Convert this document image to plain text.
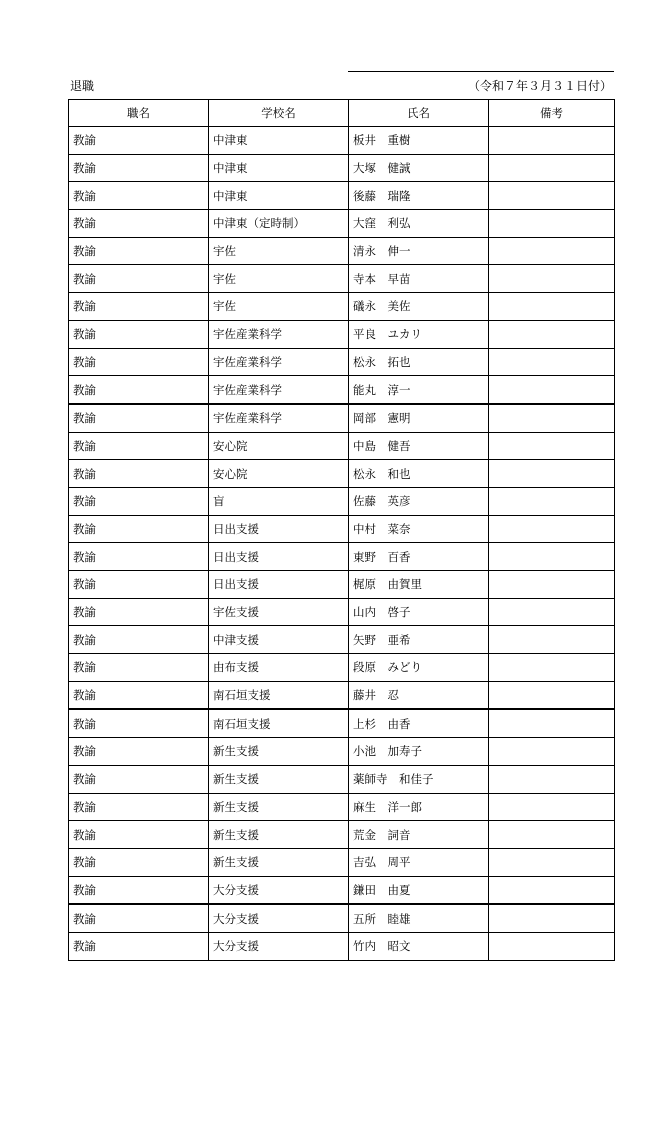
退職	（令和７年３月３１日付）
職名	学校名	氏名	備考
教諭	中津東	板井　重樹	
教諭	中津東	大塚　健誠	
教諭	中津東	後藤　瑞隆	
教諭	中津東（定時制）	大窪　利弘	
教諭	宇佐	清永　伸一	
教諭	宇佐	寺本　早苗	
教諭	宇佐	礒永　美佐	
教諭	宇佐産業科学	平良　ユカリ	
教諭	宇佐産業科学	松永　拓也	
教諭	宇佐産業科学	能丸　淳一	
教諭	宇佐産業科学	岡部　憲明	
教諭	安心院	中島　健吾	
教諭	安心院	松永　和也	
教諭	盲	佐藤　英彦	
教諭	日出支援	中村　菜奈	
教諭	日出支援	東野　百香	
教諭	日出支援	梶原　由賀里	
教諭	宇佐支援	山内　啓子	
教諭	中津支援	矢野　亜希	
教諭	由布支援	段原　みどり	
教諭	南石垣支援	藤井　忍	
教諭	南石垣支援	上杉　由香	
教諭	新生支援	小池　加寿子	
教諭	新生支援	薬師寺　和佳子	
教諭	新生支援	麻生　洋一郎	
教諭	新生支援	荒金　詞音	
教諭	新生支援	吉弘　周平	
教諭	大分支援	鎌田　由夏	
教諭	大分支援	五所　睦雄	
教諭	大分支援	竹内　昭文	
